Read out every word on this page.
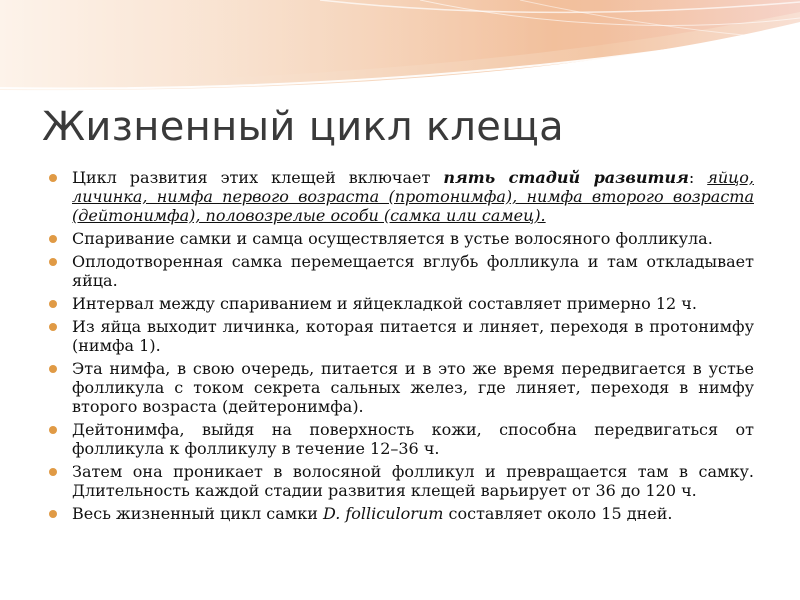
Жизненный цикл клеща
Цикл развития этих клещей включает пять стадий развития: яйцо, личинка, нимфа первого возраста (протонимфа), нимфа второго возраста (дейтонимфа), половозрелые особи (самка или самец).
Спаривание самки и самца осуществляется в устье волосяного фолликула.
Оплодотворенная самка перемещается вглубь фолликула и там откладывает яйца.
Интервал между спариванием и яйцекладкой составляет примерно 12 ч.
Из яйца выходит личинка, которая питается и линяет, переходя в протонимфу (нимфа 1).
Эта нимфа, в свою очередь, питается и в это же время передвигается в устье фолликула с током секрета сальных желез, где линяет, переходя в нимфу второго возраста (дейтеронимфа).
Дейтонимфа, выйдя на поверхность кожи, способна передвигаться от фолликула к фолликулу в течение 12–36 ч.
Затем она проникает в волосяной фолликул и превращается там в самку. Длительность каждой стадии развития клещей варьирует от 36 до 120 ч.
Весь жизненный цикл самки D. folliculorum составляет около 15 дней.
